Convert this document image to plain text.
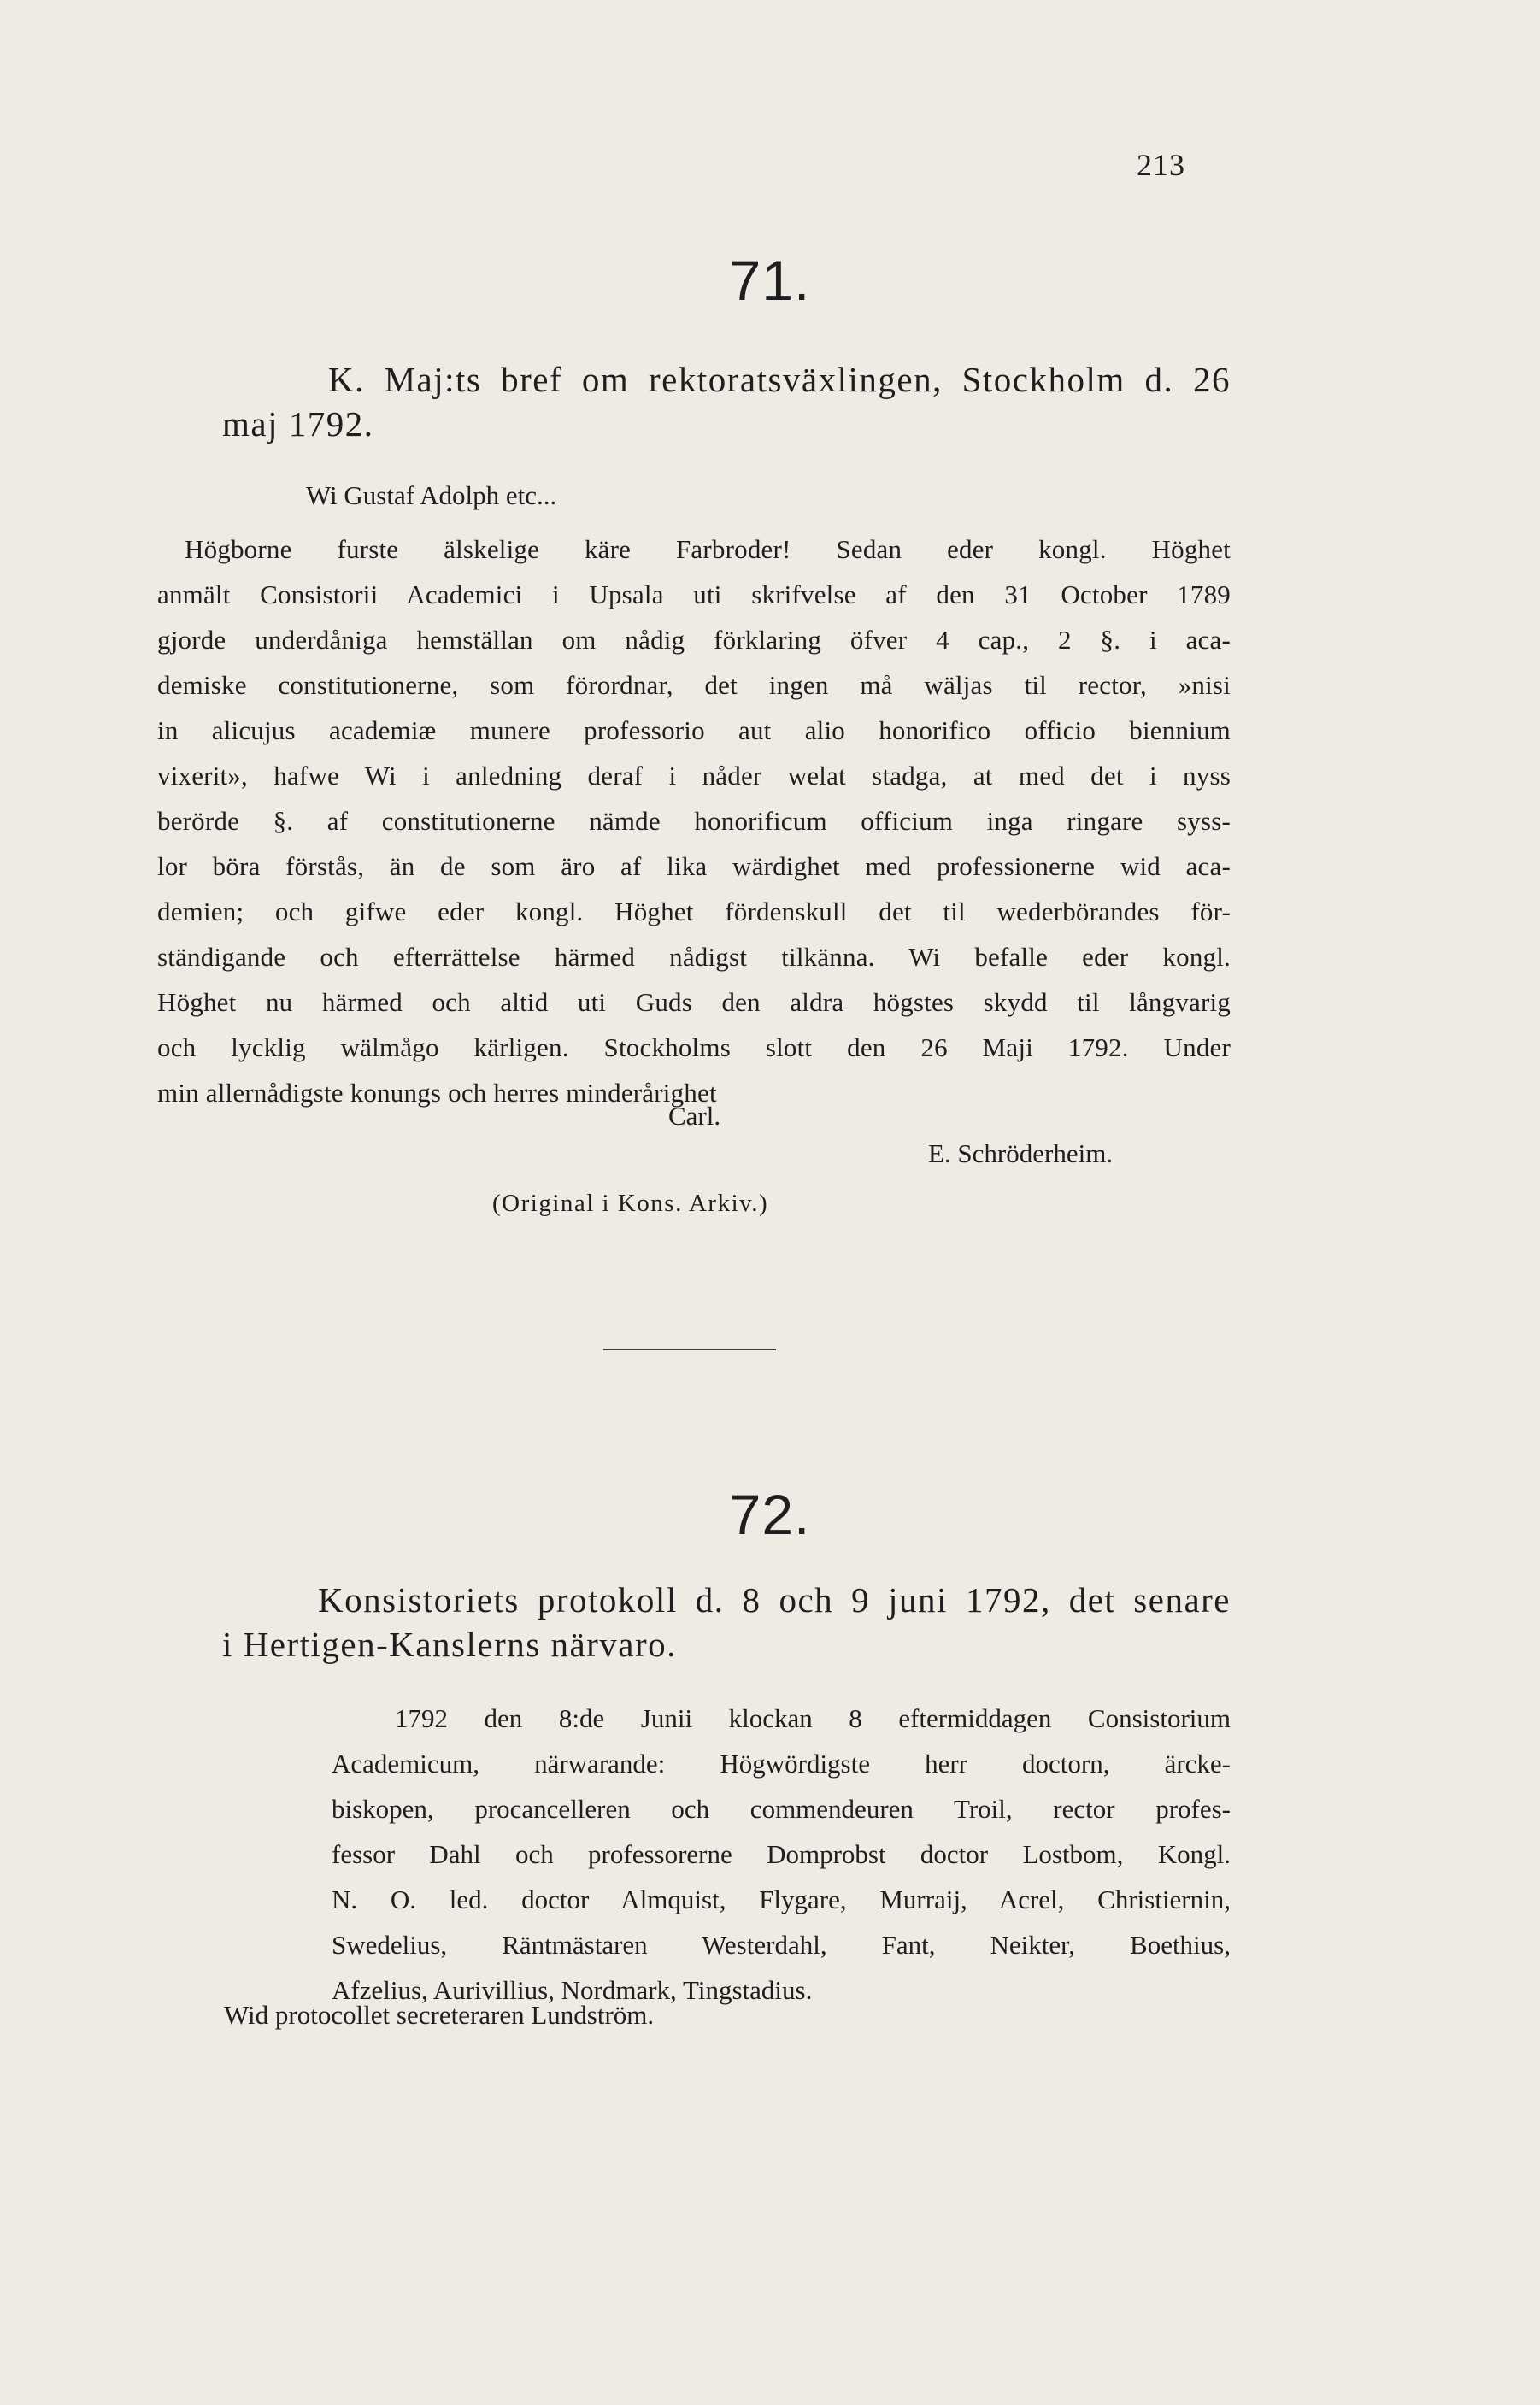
213
71.
K. Maj:ts bref om rektoratsväxlingen, Stockholm d. 26
maj 1792.
Wi Gustaf Adolph etc...
Högborne furste älskelige käre Farbroder! Sedan eder kongl. Höghet
anmält Consistorii Academici i Upsala uti skrifvelse af den 31 October 1789
gjorde underdåniga hemställan om nådig förklaring öfver 4 cap., 2 §. i aca-
demiske constitutionerne, som förordnar, det ingen må wäljas til rector, »nisi
in alicujus academiæ munere professorio aut alio honorifico officio biennium
vixerit», hafwe Wi i anledning deraf i nåder welat stadga, at med det i nyss
berörde §. af constitutionerne nämde honorificum officium inga ringare syss-
lor böra förstås, än de som äro af lika wärdighet med professionerne wid aca-
demien; och gifwe eder kongl. Höghet fördenskull det til wederbörandes för-
ständigande och efterrättelse härmed nådigst tilkänna. Wi befalle eder kongl.
Höghet nu härmed och altid uti Guds den aldra högstes skydd til långvarig
och lycklig wälmågo kärligen. Stockholms slott den 26 Maji 1792. Under
min allernådigste konungs och herres minderårighet
Carl.
E. Schröderheim.
(Original i Kons. Arkiv.)
72.
Konsistoriets protokoll d. 8 och 9 juni 1792, det senare
i Hertigen-Kanslerns närvaro.
1792 den 8:de Junii klockan 8 eftermiddagen Consistorium
Academicum, närwarande: Högwördigste herr doctorn, ärcke-
biskopen, procancelleren och commendeuren Troil, rector profes-
fessor Dahl och professorerne Domprobst doctor Lostbom, Kongl.
N. O. led. doctor Almquist, Flygare, Murraij, Acrel, Christiernin,
Swedelius, Räntmästaren Westerdahl, Fant, Neikter, Boethius,
Afzelius, Aurivillius, Nordmark, Tingstadius.
Wid protocollet secreteraren Lundström.
